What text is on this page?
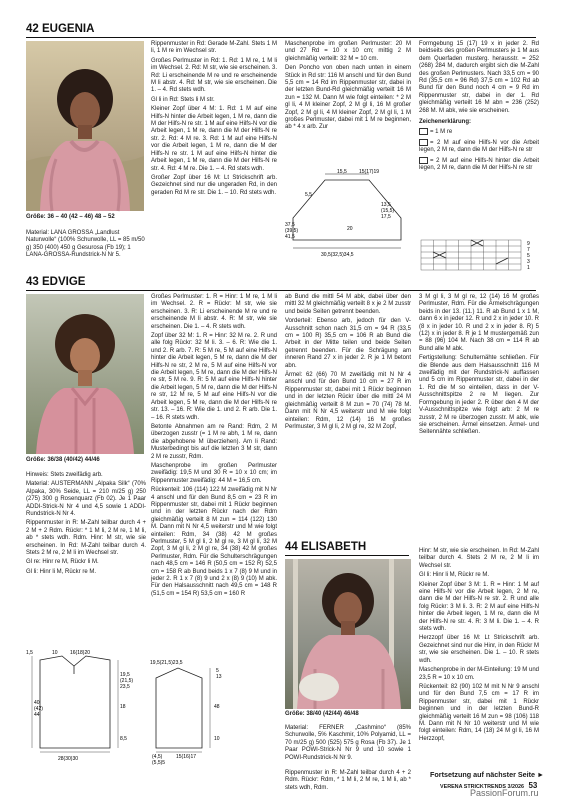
42 EUGENIA
Größe: 36 – 40 (42 – 46) 48 – 52
Material: LANA GROSSA „Landlust Naturwolle“ (100% Schurwolle, LL = 85 m/50 g) 350 (400) 450 g Gesurosa (Fb 19); 1 LANA-GROSSA-Rundstrick-N Nr 5.

Rippenmuster in Rd: Gerade M-Zahl. Stets 1 M li, 1 M re im Wechsel str.

Großes Perlmuster in Rd: 1. Rd: 1 M re, 1 M li im Wechsel. 2. Rd: M str, wie sie erscheinen. 3. Rd: Li erscheinende M re und re erscheinende M li abstr. 4. Rd: M str, wie sie erscheinen. Die 1. – 4. Rd stets wdh.

Gl li in Rd: Stets li M str.

Kleiner Zopf über 4 M: 1. Rd: 1 M auf eine Hilfs-N hinter die Arbeit legen, 1 M re, dann die M der Hilfs-N re str. 1 M auf eine Hilfs-N vor die Arbeit legen, 1 M re, dann die M der Hilfs-N re str. 2. Rd: 4 M re. 3. Rd: 1 M auf eine Hilfs-N vor die Arbeit legen, 1 M re, dann die M der Hilfs-N re str. 1 M auf eine Hilfs-N hinter die Arbeit legen, 1 M re, dann die M der Hilfs-N re str. 4. Rd: 4 M re. Die 1. – 4. Rd stets wdh.

Großer Zopf über 16 M: Lt Strickschrift arb. Gezeichnet sind nur die ungeraden Rd, in den geraden Rd M re str. Die 1. – 10. Rd stets wdh.

Maschenprobe im großen Perlmuster: 20 M und 27 Rd = 10 x 10 cm; mittig 2 M gleichmäßig verteilt: 32 M = 10 cm.

Den Poncho von oben nach unten in einem Stück in Rd str: 116 M anschl und für den Bund 5,5 cm = 14 Rd im Rippenmuster str, dabei in der letzten Bund-Rd gleichmäßig verteilt 16 M zun = 132 M. Dann M wie folgt einteilen: * 2 M gl li, 4 M kleiner Zopf, 2 M gl li, 16 M großer Zopf, 2 M gl li, 4 M kleiner Zopf, 2 M gl li, 1 M großes Perlmuster, dabei mit 1 M re beginnen, ab * 4 x arb. Zur

15,5 15(17)19
5,5
13,5
(15,5)
17,5
37,5
(39,5)
41,5
20
30,5(32,5)34,5

Formgebung 15 (17) 19 x in jeder 2. Rd beidseits des großen Perlmusters je 1 M aus dem Querfaden musterg. herausstr. = 252 (268) 284 M, dadurch ergibt sich die M-Zahl des großen Perlmusters. Nach 33,5 cm = 90 Rd (35,5 cm = 96 Rd) 37,5 cm = 102 Rd ab Bund für den Bund noch 4 cm = 9 Rd im Rippenmuster str, dabei in der 1. Rd gleichmäßig verteilt 16 M abn = 236 (252) 268 M. M abk, wie sie erscheinen.

Zeichenerklärung:

= 1 M re

= 2 M auf eine Hilfs-N vor die Arbeit legen, 2 M re, dann die M der Hilfs-N re str

= 2 M auf eine Hilfs-N hinter die Arbeit legen, 2 M re, dann die M der Hilfs-N re str

9
7
5
3
1
43 EDVIGE
Größe: 36/38 (40/42) 44/46

Hinweis: Stets zweifädig arb.

Material: AUSTERMANN „Alpaka Silk“ (70% Alpaka, 30% Seide, LL = 210 m/25 g) 250 (275) 300 g Rosenquarz (Fb 02). Je 1 Paar ADDI-Strick-N Nr 4 und 4,5 sowie 1 ADDI-Rundstrick-N Nr 4.

Rippenmuster in R: M-Zahl teilbar durch 4 + 2 M + 2 Rdm. Rückr: * 1 M li, 2 M re, 1 M li, ab * stets wdh. Rdm. Hinr: M str, wie sie erscheinen. In Rd: M-Zahl teilbar durch 4. Stets 2 M re, 2 M li im Wechsel str.

Gl re: Hinr re M, Rückr li M.

Gl li: Hinr li M, Rückr re M.

1,5	10 16(18)20
19,5
(21,5)
23,5
18
40
(42)
44
8,5
28(30)30
19,5(21,5)23,5
48
10
(4,5)
(5,5)5
15(16)17
5
13

Großes Perlmuster: 1. R = Hinr: 1 M re, 1 M li im Wechsel. 2. R = Rückr: M str, wie sie erscheinen. 3. R: Li erscheinende M re und re erscheinende M li abstr. 4. R: M str, wie sie erscheinen. Die 1. – 4. R stets wdh.

Zopf über 32 M: 1. R = Hinr: 32 M re. 2. R und alle folg Rückr: 32 M li. 3. – 6. R: Wie die 1. und 2. R arb. 7. R: 5 M re, 5 M auf eine Hilfs-N hinter die Arbeit legen, 5 M re, dann die M der Hilfs-N re str, 2 M re, 5 M auf eine Hilfs-N vor die Arbeit legen, 5 M re, dann die M der Hilfs-N re str, 5 M re. 9. R: 5 M auf eine Hilfs-N hinter die Arbeit legen, 5 M re, dann die M der Hilfs-N re str, 12 M re, 5 M auf eine Hilfs-N vor die Arbeit legen, 5 M re, dann die M der Hilfs-N re str. 13. – 16. R: Wie die 1. und 2. R arb. Die 1. – 16. R stets wdh.

Betonte Abnahmen am re Rand: Rdm, 2 M überzogen zusstr (= 1 M re abh, 1 M re, dann die abgehobene M überziehen). Am li Rand: Musterbedingt bis auf die letzten 3 M str, dann 2 M re zusstr, Rdm.

Maschenprobe im großen Perlmuster zweifädig: 19,5 M und 30 R = 10 x 10 cm; im Rippenmuster zweifädig: 44 M = 16,5 cm.

Rückenteil: 106 (114) 122 M zweifädig mit N Nr 4 anschl und für den Bund 8,5 cm = 23 R im Rippenmuster str, dabei mit 1 Rückr beginnen und in der letzten Rückr nach der Rdm gleichmäßig verteilt 8 M zun = 114 (122) 130 M. Dann mit N Nr 4,5 weiterstr und M wie folgt einteilen: Rdm, 34 (38) 42 M großes Perlmuster, 5 M gl li, 2 M gl re, 3 M gl li, 32 M Zopf, 3 M gl li, 2 M gl re, 34 (38) 42 M großes Perlmuster, Rdm. Für die Schulterschrägungen nach 48,5 cm = 146 R (50,5 cm = 152 R) 52,5 cm = 158 R ab Bund beids 1 x 7 (8) 9 M und in jeder 2. R 1 x 7 (8) 9 und 2 x (8) 9 (10) M abk. Für den Halsausschnitt nach 49,5 cm = 148 R (51,5 cm = 154 R) 53,5 cm = 160 R

ab Bund die mittl 54 M abk, dabei über den mittl 32 M gleichmäßig verteilt 8 x je 2 M zusstr und beide Seiten getrennt beenden.

Vorderteil: Ebenso arb, jedoch für den V-Ausschnitt schon nach 31,5 cm = 94 R (33,5 cm = 100 R) 35,5 cm = 106 R ab Bund die Arbeit in der Mitte teilen und beide Seiten getrennt beenden. Für die Schrägung am inneren Rand 27 x in jeder 2. R je 1 M betont abn.

Ärmel: 62 (66) 70 M zweifädig mit N Nr 4 anschl und für den Bund 10 cm = 27 R im Rippenmuster str, dabei mit 1 Rückr beginnen und in der letzten Rückr über die mittl 24 M gleichmäßig verteilt 8 M zun = 70 (74) 78 M. Dann mit N Nr 4,5 weiterstr und M wie folgt einteilen: Rdm, 12 (14) 16 M großes Perlmuster, 3 M gl li, 2 M gl re, 32 M Zopf,

3 M gl li, 3 M gl re, 12 (14) 16 M großes Perlmuster, Rdm. Für die Ärmelschrägungen beids in der 13. (11.) 11. R ab Bund 1 x 1 M, dann 6 x in jeder 12. R und 2 x in jeder 10. R (8 x in jeder 10. R und 2 x in jeder 8. R) 5 (12) x in jeder 8. R je 1 M mustergemäß zun = 88 (96) 104 M. Nach 38 cm = 114 R ab Bund alle M abk.

Fertigstellung: Schulternähte schließen. Für die Blende aus dem Halsausschnitt 116 M zweifädig mit der Rundstrick-N auffassen und 5 cm im Rippenmuster str, dabei in der 1. Rd die M so einteilen, dass in der V-Ausschnittspitze 2 re M liegen. Zur Formgebung in jeder 2. R über den 4 M der V-Ausschnittspitze wie folgt arb: 2 M re zusstr, 2 M re überzogen zusstr. M abk, wie sie erscheinen. Ärmel einsetzen. Ärmel- und Seitennähte schließen.

44 ELISABETH
Größe: 38/40 (42/44) 46/48
Material: FERNER „Cashmino“ (85% Schurwolle, 5% Kaschmir, 10% Polyamid, LL = 70 m/25 g) 500 (525) 575 g Rosa (Fb 37). Je 1 Paar POWI-Strick-N Nr 9 und 10 sowie 1 POWI-Rundstrick-N Nr 9.
Rippenmuster in R: M-Zahl teilbar durch 4 + 2 Rdm. Rückr: Rdm, * 1 M li, 2 M re, 1 M li, ab * stets wdh, Rdm.

Hinr: M str, wie sie erscheinen. In Rd: M-Zahl teilbar durch 4. Stets 2 M re, 2 M li im Wechsel str.

Gl li: Hinr li M, Rückr re M.

Kleiner Zopf über 3 M: 1. R = Hinr: 1 M auf eine Hilfs-N vor die Arbeit legen, 2 M re, dann die M der Hilfs-N re str. 2. R und alle folg Rückr: 3 M li. 3. R: 2 M auf eine Hilfs-N hinter die Arbeit legen, 1 M re, dann die M der Hilfs-N re str. 4. R: 3 M li. Die 1. – 4. R stets wdh.

Herzzopf über 16 M: Lt Strickschrift arb. Gezeichnet sind nur die Hinr, in den Rückr M str, wie sie erscheinen. Die 1. – 10. R stets wdh.

Maschenprobe in der M-Einteilung: 19 M und 23,5 R = 10 x 10 cm.

Rückenteil: 82 (90) 102 M mit N Nr 9 anschl und für den Bund 7,5 cm = 17 R im Rippenmuster str, dabei mit 1 Rückr beginnen und in der letzten Bund-R gleichmäßig verteilt 16 M zun = 98 (106) 118 M. Dann mit N Nr 10 weiterstr und M wie folgt einteilen: Rdm, 14 (18) 24 M gl li, 16 M Herzzopf,

Fortsetzung auf nächster Seite ►
VERENA STRICKTRENDS 3/2026 53
PassionForum.ru
